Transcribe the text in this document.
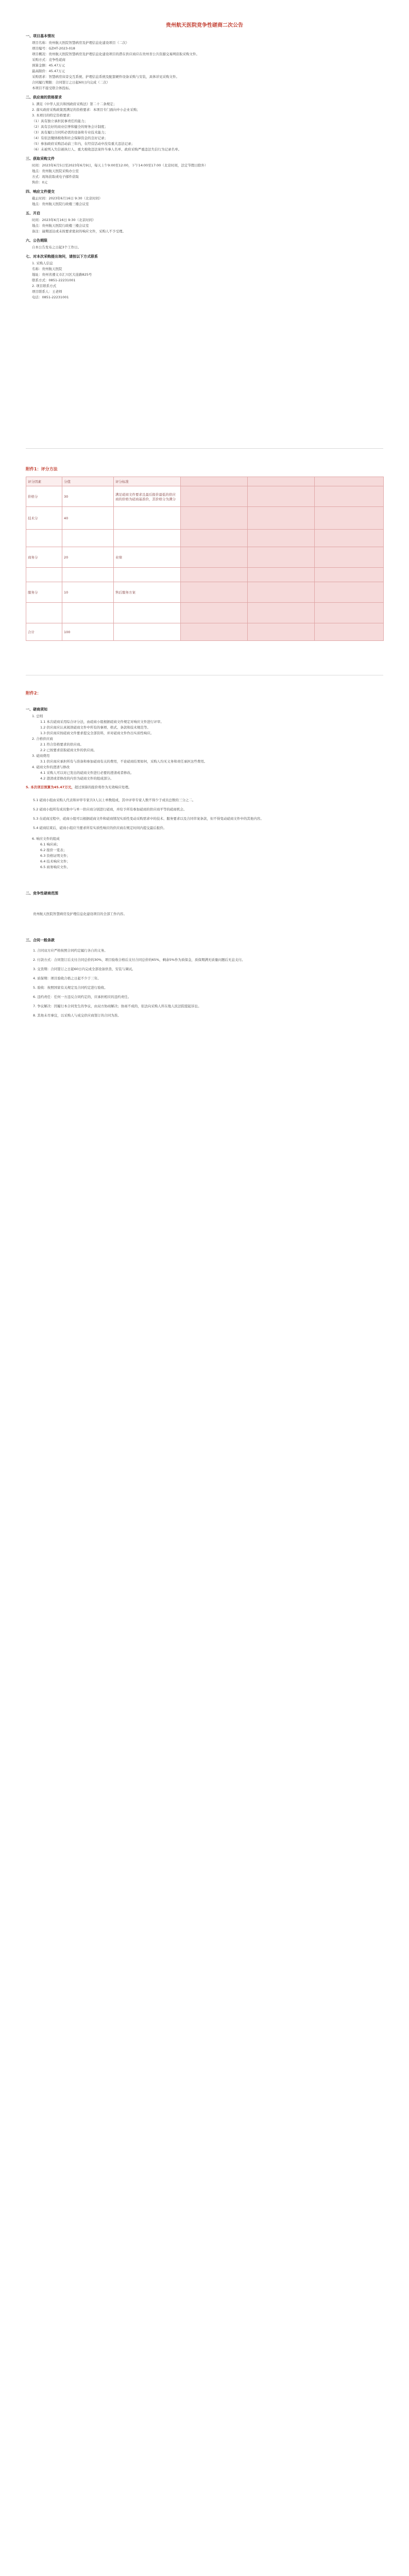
贵州航天医院竞争性磋商二次公告
一、项目基本情况
项目名称：贵州航天医院智慧病房及护理信息化建设项目（二次）
项目编号：GZHT-2023-018
项目概况：贵州航天医院智慧病房及护理信息化建设项目的潜在供应商应在贵州省公共资源交易网获取采购文件。
采购方式：竞争性磋商
预算金额：45.47万元
最高限价：45.47万元
采购需求：智慧病房床旁交互系统、护理信息系统及配套硬件设备采购与安装，具体详见采购文件。
合同履行期限：合同签订之日起60日内完成（二次）
本项目不接受联合体投标。
二、供应商的资格要求
1. 满足《中华人民共和国政府采购法》第二十二条规定；
2. 落实政府采购政策需满足的资格要求：本项目专门面向中小企业采购；
3. 本项目的特定资格要求：
（1）具有独立承担民事责任的能力；
（2）具有良好的商业信誉和健全的财务会计制度；
（3）具有履行合同所必需的设备和专业技术能力；
（4）有依法缴纳税收和社会保障资金的良好记录；
（5）参加政府采购活动前三年内，在经营活动中没有重大违法记录；
（6）未被列入失信被执行人、重大税收违法案件当事人名单、政府采购严重违法失信行为记录名单。
三、获取采购文件
时间：2023年6月5日至2023年6月9日，每天上午9:00至12:00，下午14:00至17:00（北京时间，法定节假日除外）
地点：贵州航天医院采购办公室
方式：现场获取或电子邮件获取
售价：0元
四、响应文件提交
截止时间：2023年6月16日 9:30（北京时间）
地点：贵州航天医院行政楼三楼会议室
五、开启
时间：2023年6月16日 9:30（北京时间）
地点：贵州航天医院行政楼三楼会议室
备注：逾期送达或未按要求密封的响应文件，采购人不予受理。
六、公告期限
自本公告发布之日起3个工作日。
七、对本次采购提出询问，请按以下方式联系
1. 采购人信息
名称：贵州航天医院
地址：贵州省遵义市汇川区大连路825号
联系方式：0851-22231001
2. 项目联系方式
项目联系人：王老师
电话：0851-22231001
附件1：评分方法
评分因素	分值	评分标准			
价格分	30	满足磋商文件要求且最后报价最低的供应商的价格为磋商基准价，其价格分为满分			
技术分	40				

商务分	20	业绩			

服务分	10	售后服务方案			

合计	100				
附件2：
一、磋商须知
1. 总则
1.1 本次磋商采用综合评分法，由磋商小组根据磋商文件规定对响应文件进行评审。
1.2 供应商应认真阅读磋商文件中所有的事项、格式、条款和技术规范等。
1.3 供应商应按磋商文件要求提交全部资料，并对磋商文件作出实质性响应。
2. 合格供应商
2.1 符合资格要求的供应商。
2.2 已按要求获取磋商文件的供应商。
3. 磋商费用
3.1 供应商应承担所有与准备和参加磋商有关的费用，不论磋商结果如何，采购人均无义务和责任承担这些费用。
4. 磋商文件的澄清与修改
4.1 采购人可以对已发出的磋商文件进行必要的澄清或者修改。
4.2 澄清或者修改的内容为磋商文件的组成部分。
5. 本次项目预算为45.47万元，超过预算的报价将作为无效响应处理。
5.1 磋商小组由采购人代表和评审专家共3人以上单数组成，其中评审专家人数不得少于成员总数的三分之二。
5.2 磋商小组所有成员集中与单一供应商分别进行磋商，并给予所有参加磋商的供应商平等的磋商机会。
5.3 在磋商过程中，磋商小组可以根据磋商文件和磋商情况实质性变动采购需求中的技术、服务要求以及合同草案条款，但不得变动磋商文件中的其他内容。
5.4 磋商结束后，磋商小组应当要求所有实质性响应的供应商在规定时间内提交最后报价。
6. 响应文件的组成
6.1 响应函；
6.2 报价一览表；
6.3 资格证明文件；
6.4 技术响应文件；
6.5 商务响应文件。
二、竞争性磋商范围
贵州航天医院智慧病房及护理信息化建设项目的全部工作内容。
三、合同一般条款
1. 合同双方应严格按照合同约定履行各自的义务。
2. 付款方式：合同签订后支付合同总价的30%，项目验收合格后支付合同总价的65%，剩余5%作为质保金，质保期满无质量问题后无息支付。
3. 交货期：合同签订之日起60日内完成全部设备供货、安装与调试。
4. 质保期：项目验收合格之日起不少于三年。
5. 验收：按照国家有关规定及合同约定进行验收。
6. 违约责任：任何一方违反合同约定的，应承担相应的违约责任。
7. 争议解决：因履行本合同发生的争议，由双方协商解决；协商不成的，依法向采购人所在地人民法院提起诉讼。
8. 其他未尽事宜，以采购人与成交供应商签订的合同为准。
